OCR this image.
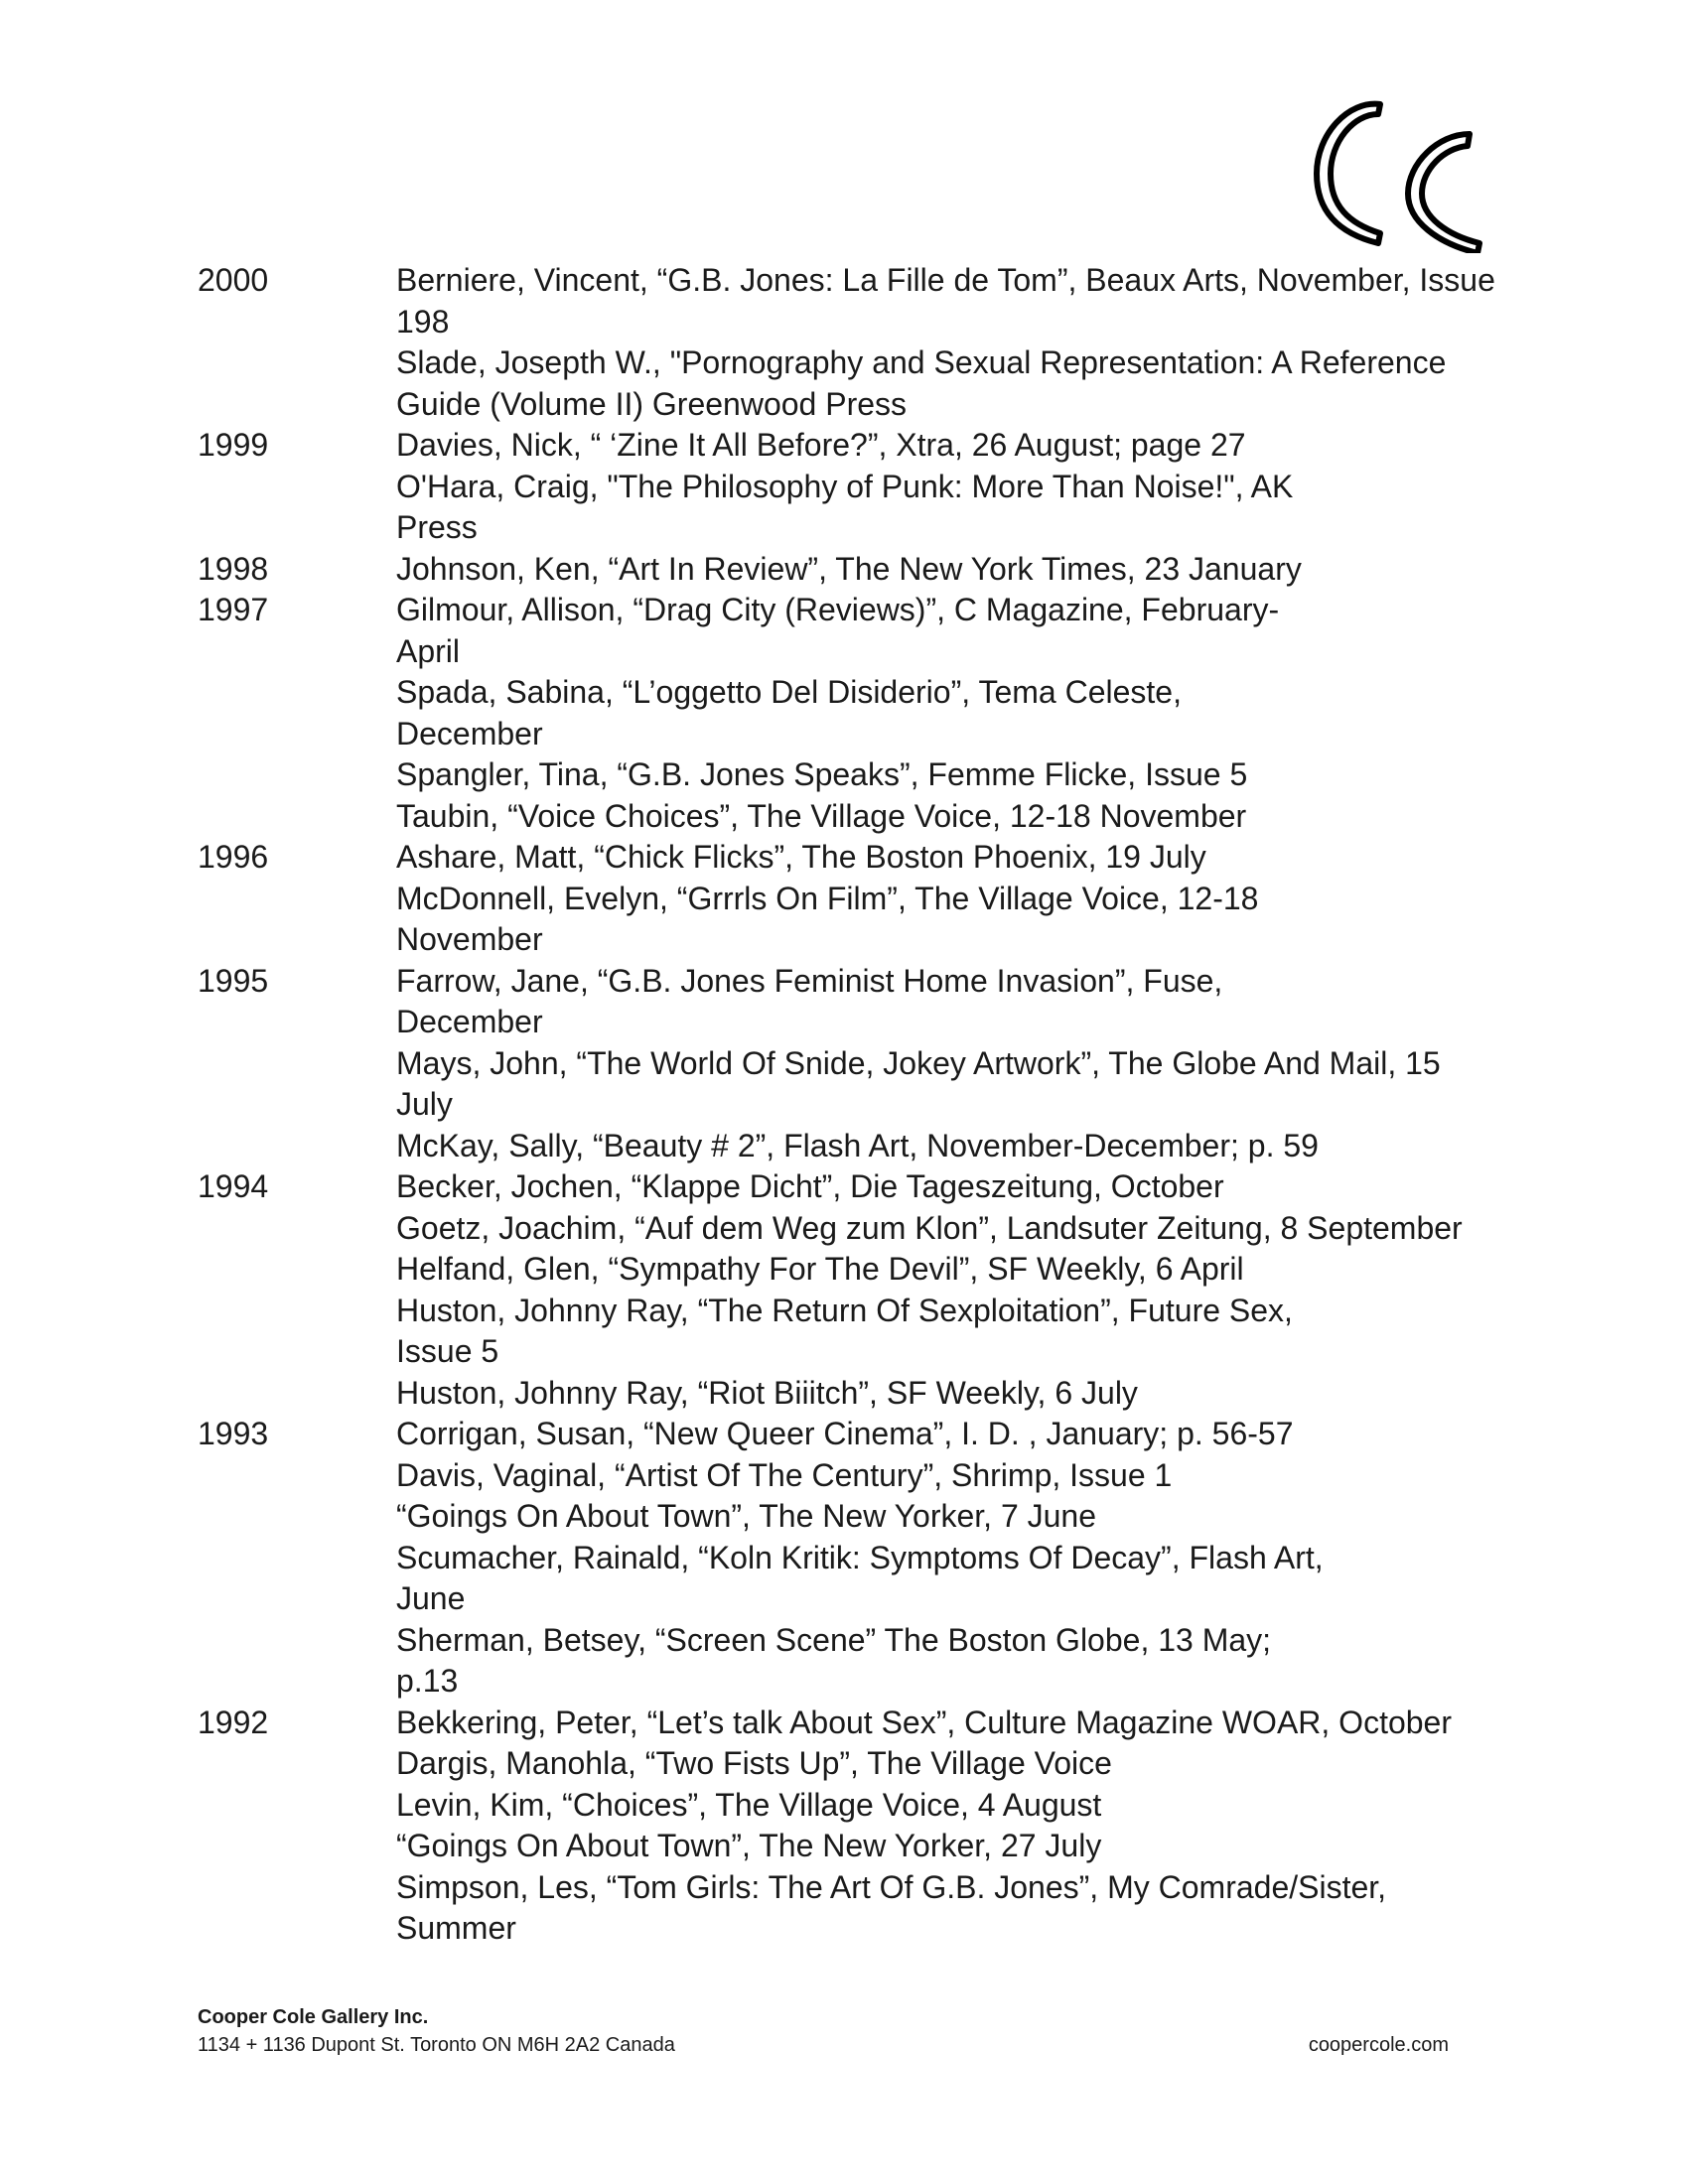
2000	Berniere, Vincent, “G.B. Jones: La Fille de Tom”, Beaux Arts, November, Issue
198
Slade, Josepth W., "Pornography and Sexual Representation: A Reference
Guide (Volume II) Greenwood Press
1999	Davies, Nick, “ ‘Zine It All Before?”, Xtra, 26 August; page 27
O'Hara, Craig, "The Philosophy of Punk: More Than Noise!", AK
Press
1998	Johnson, Ken, “Art In Review”, The New York Times, 23 January
1997	Gilmour, Allison, “Drag City (Reviews)”, C Magazine, February-
April
Spada, Sabina, “L’oggetto Del Disiderio”, Tema Celeste,
December
Spangler, Tina, “G.B. Jones Speaks”, Femme Flicke, Issue 5
Taubin, “Voice Choices”, The Village Voice, 12-18 November
1996	Ashare, Matt, “Chick Flicks”, The Boston Phoenix, 19 July
McDonnell, Evelyn, “Grrrls On Film”, The Village Voice, 12-18
November
1995	Farrow, Jane, “G.B. Jones Feminist Home Invasion”, Fuse,
December
Mays, John, “The World Of Snide, Jokey Artwork”, The Globe And Mail, 15
July
McKay, Sally, “Beauty # 2”, Flash Art, November-December; p. 59
1994	Becker, Jochen, “Klappe Dicht”, Die Tageszeitung, October
Goetz, Joachim, “Auf dem Weg zum Klon”, Landsuter Zeitung, 8 September
Helfand, Glen, “Sympathy For The Devil”, SF Weekly, 6 April
Huston, Johnny Ray, “The Return Of Sexploitation”, Future Sex,
Issue 5
Huston, Johnny Ray, “Riot Biiitch”, SF Weekly, 6 July
1993	Corrigan, Susan, “New Queer Cinema”, I. D. , January; p. 56-57
Davis, Vaginal, “Artist Of The Century”, Shrimp, Issue 1
“Goings On About Town”, The New Yorker, 7 June
Scumacher, Rainald, “Koln Kritik: Symptoms Of Decay”, Flash Art,
June
Sherman, Betsey, “Screen Scene” The Boston Globe, 13 May;
p.13
1992	Bekkering, Peter, “Let’s talk About Sex”, Culture Magazine WOAR, October
Dargis, Manohla, “Two Fists Up”, The Village Voice
Levin, Kim, “Choices”, The Village Voice, 4 August
“Goings On About Town”, The New Yorker, 27 July
Simpson, Les, “Tom Girls: The Art Of G.B. Jones”, My Comrade/Sister,
Summer
Cooper Cole Gallery Inc.
1134 + 1136 Dupont St. Toronto ON M6H 2A2 Canada	coopercole.com
